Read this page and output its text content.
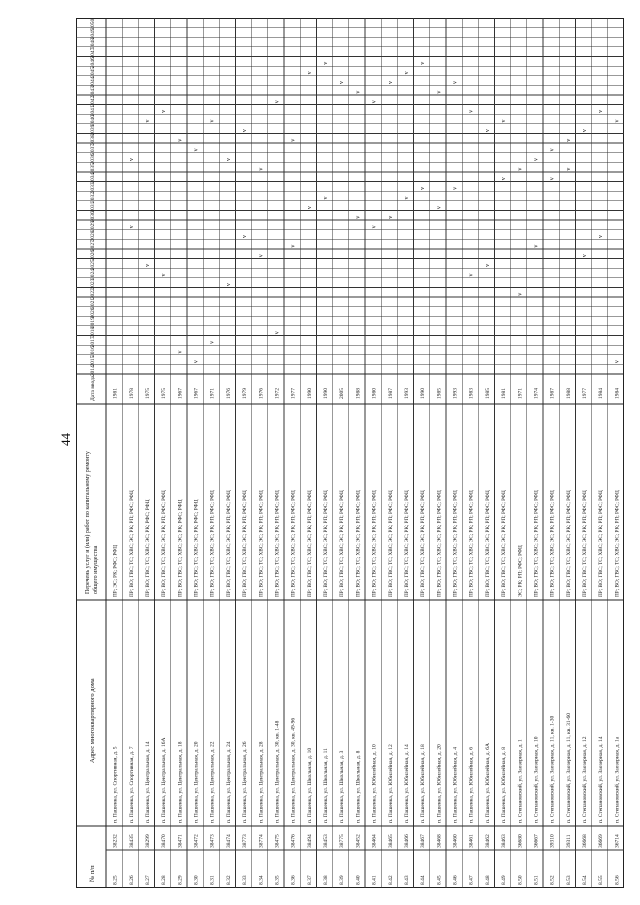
44
№ п/п
Адрес многоквартирного дома
Перечень услуг и (или) работ по капитальному ремонту общего имущества
Дата ввода
2014
2015
2016
2017
2018
2019
2020
2021
2022
2023
2024
2025
2026
2027
2028
2029
2030
2031
2032
2033
2034
2035
2036
2037
2038
2039
2040
2041
2042
2043
2044
2045
2046
2047
2048
2049
2050
8.25
38232
п. Пашенка, ул. Спортивная, д. 5
ПР; ЭС; РК; РФС; РФЦ
1981
8.26
38435
п. Пашенка, ул. Спортивная, д. 7
ПР; ВО; ГВС; ТС; ХВС; ЭС; РК; РП; РФС; РФЦ
1978
v
v
8.27
38299
п. Пашенка, ул. Центральная, д. 14
ПР; ВО; ГВС; ТС; ХВС; ЭС; РК; РФС; РФЦ
1975
v
v
8.28
38470
п. Пашенка, ул. Центральная, д. 16А
ПР; ВО; ГВС; ТС; ХВС; ЭС; РК; РП; РФС; РФЦ
1975
v
v
8.29
38471
п. Пашенка, ул. Центральная, д. 18
ПР; ВО; ГВС; ТС; ХВС; ЭС; РК; РФС; РФЦ
1967
v
v
8.30
38472
п. Пашенка, ул. Центральная, д. 20
ПР; ВО; ГВС; ТС; ХВС; ЭС; РК; РФС; РФЦ
1967
v
v
8.31
38473
п. Пашенка, ул. Центральная, д. 22
ПР; ВО; ГВС; ТС; ХВС; ЭС; РК; РП; РФС; РФЦ
1971
v
v
8.32
38474
п. Пашенка, ул. Центральная, д. 24
ПР; ВО; ГВС; ТС; ХВС; ЭС; РК; РП; РФС; РФЦ
1976
v
v
8.33
38773
п. Пашенка, ул. Центральная, д. 26
ПР; ВО; ГВС; ТС; ХВС; ЭС; РК; РП; РФС; РФЦ
1979
v
v
8.34
38774
п. Пашенка, ул. Центральная, д. 28
ПР; ВО; ГВС; ТС; ХВС; ЭС; РК; РП; РФС; РФЦ
1976
v
v
8.35
38475
п. Пашенка, ул. Центральная, д. 30, кв. 1-48
ПР; ВО; ГВС; ТС; ХВС; ЭС; РК; РП; РФС; РФЦ
1972
v
v
8.36
38476
п. Пашенка, ул. Центральная, д. 30, кв. 49-96
ПР; ВО; ГВС; ТС; ХВС; ЭС; РК; РП; РФС; РФЦ
1977
v
v
8.37
38494
п. Пашенка, ул. Школьная, д. 10
ПР; ВО; ГВС; ТС; ХВС; ЭС; РК; РП; РФС; РФЦ
1990
v
v
8.38
38453
п. Пашенка, ул. Школьная, д. 11
ПР; ВО; ГВС; ТС; ХВС; ЭС; РК; РП; РФС; РФЦ
1990
v
v
8.39
38775
п. Пашенка, ул. Школьная, д. 3
ПР; ВО; ГВС; ТС; ХВС; ЭС; РК; РП; РФС; РФЦ
2005
v
8.40
38452
п. Пашенка, ул. Школьная, д. 8
ПР; ВО; ГВС; ТС; ХВС; ЭС; РК; РП; РФС; РФЦ
1988
v
v
8.41
38464
п. Пашенка, ул. Юбилейная, д. 10
ПР; ВО; ГВС; ТС; ХВС; ЭС; РК; РП; РФС; РФЦ
1980
v
v
8.42
38465
п. Пашенка, ул. Юбилейная, д. 12
ПР; ВО; ГВС; ТС; ХВС; ЭС; РК; РП; РФС; РФЦ
1987
v
v
8.43
38466
п. Пашенка, ул. Юбилейная, д. 14
ПР; ВО; ГВС; ТС; ХВС; ЭС; РК; РП; РФС; РФЦ
1993
v
v
8.44
38467
п. Пашенка, ул. Юбилейная, д. 18
ПР; ВО; ГВС; ТС; ХВС; ЭС; РК; РП; РФС; РФЦ
1990
v
v
8.45
38468
п. Пашенка, ул. Юбилейная, д. 20
ПР; ВО; ГВС; ТС; ХВС; ЭС; РК; РП; РФС; РФЦ
1985
v
v
8.46
38460
п. Пашенка, ул. Юбилейная, д. 4
ПР; ВО; ГВС; ТС; ХВС; ЭС; РК; РП; РФС; РФЦ
1993
v
v
8.47
38461
п. Пашенка, ул. Юбилейная, д. 6
ПР; ВО; ГВС; ТС; ХВС; ЭС; РК; РП; РФС; РФЦ
1983
v
v
8.48
38462
п. Пашенка, ул. Юбилейная, д. 6А
ПР; ВО; ГВС; ТС; ХВС; ЭС; РК; РП; РФС; РФЦ
1985
v
v
8.49
38463
п. Пашенка, ул. Юбилейная, д. 8
ПР; ВО; ГВС; ТС; ХВС; ЭС; РК; РП; РФС; РФЦ
1981
v
v
8.50
36680
п. Степановский, ул. Заозерная, д. 1
ЭС; РК; РП; РФС; РФЦ
1971
v
v
8.51
36667
п. Степановский, ул. Заозерная, д. 10
ПР; ВО; ГВС; ТС; ХВС; ЭС; РК; РП; РФС; РФЦ
1974
v
v
8.52
39310
п. Степановский, ул. Заозерная, д. 11, кв. 1-30
ПР; ВО; ГВС; ТС; ХВС; ЭС; РК; РП; РФС; РФЦ
1987
v
v
8.53
39311
п. Степановский, ул. Заозерная, д. 11, кв. 31-60
ПР; ВО; ГВС; ТС; ХВС; ЭС; РК; РП; РФС; РФЦ
1988
v
v
8.54
36668
п. Степановский, ул. Заозерная, д. 12
ПР; ВО; ГВС; ТС; ХВС; ЭС; РК; РП; РФС; РФЦ
1977
v
v
8.55
36669
п. Степановский, ул. Заозерная, д. 14
ПР; ВО; ГВС; ТС; ХВС; ЭС; РК; РП; РФС; РФЦ
1984
v
v
8.56
36714
п. Степановский, ул. Заозерная, д. 1а
ПР; ВО; ГВС; ТС; ХВС; ЭС; РК; РП; РФС; РФЦ
1984
v
v
